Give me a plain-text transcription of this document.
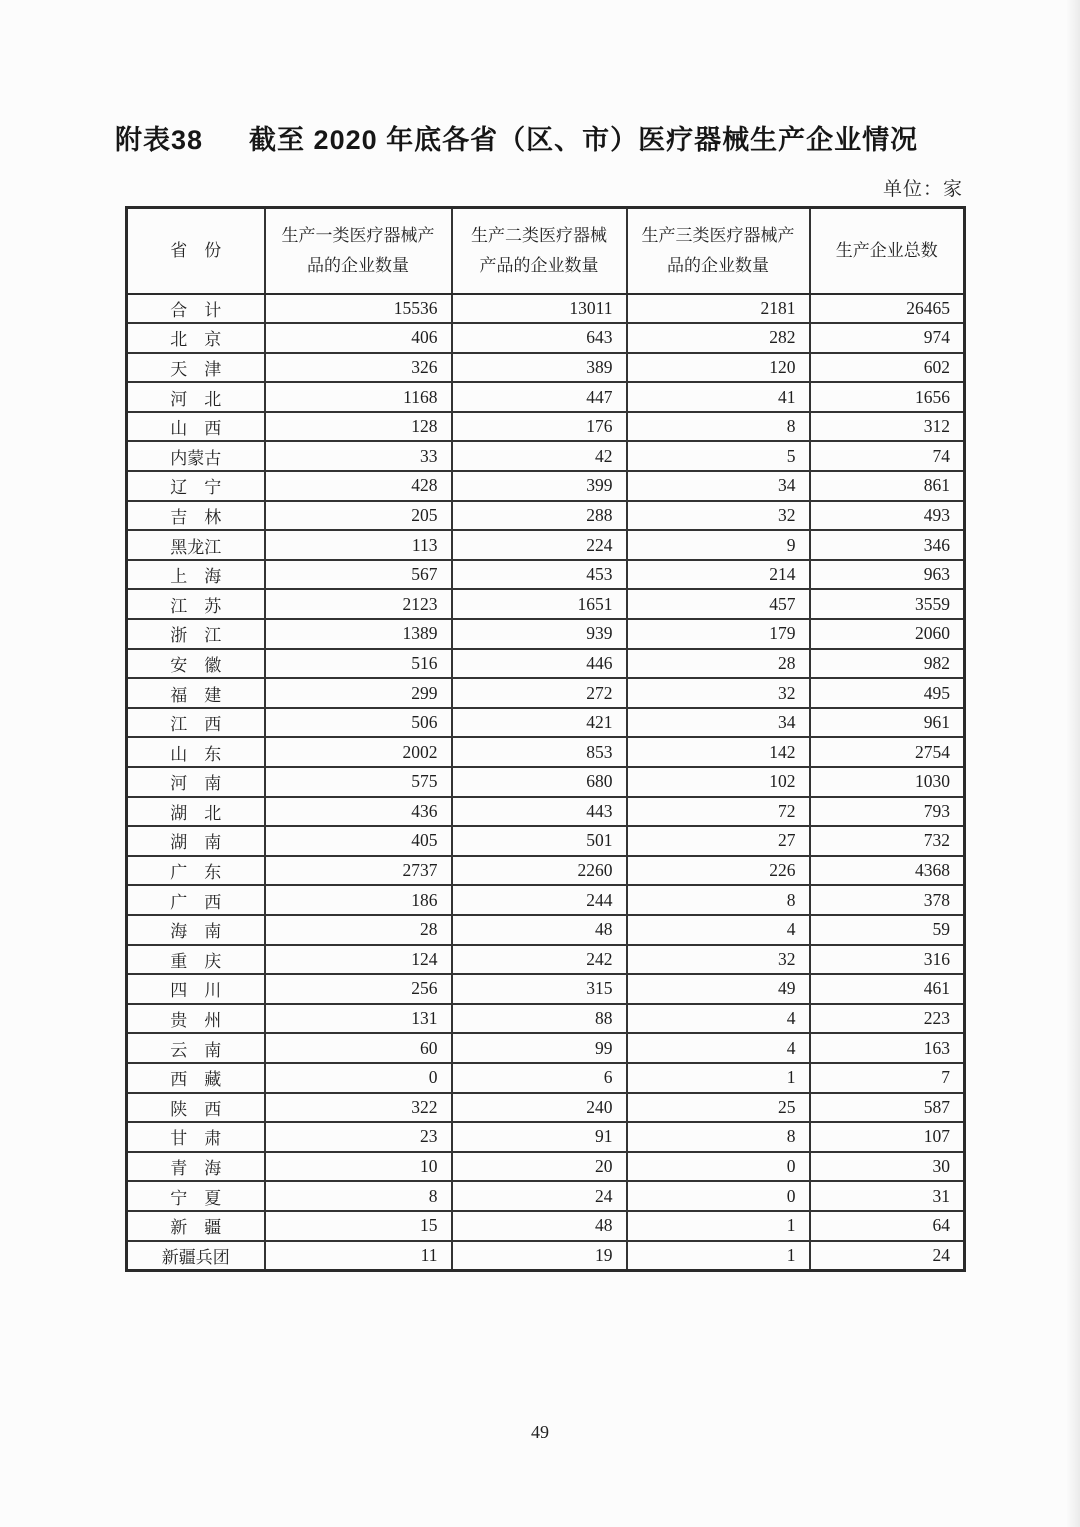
附表38 截至 2020 年底各省（区、市）医疗器械生产企业情况
单位：家
省　份	生产一类医疗器械产品的企业数量	生产二类医疗器械产品的企业数量	生产三类医疗器械产品的企业数量	生产企业总数
合　计	15536	13011	2181	26465
北　京	406	643	282	974
天　津	326	389	120	602
河　北	1168	447	41	1656
山　西	128	176	8	312
内蒙古	33	42	5	74
辽　宁	428	399	34	861
吉　林	205	288	32	493
黑龙江	113	224	9	346
上　海	567	453	214	963
江　苏	2123	1651	457	3559
浙　江	1389	939	179	2060
安　徽	516	446	28	982
福　建	299	272	32	495
江　西	506	421	34	961
山　东	2002	853	142	2754
河　南	575	680	102	1030
湖　北	436	443	72	793
湖　南	405	501	27	732
广　东	2737	2260	226	4368
广　西	186	244	8	378
海　南	28	48	4	59
重　庆	124	242	32	316
四　川	256	315	49	461
贵　州	131	88	4	223
云　南	60	99	4	163
西　藏	0	6	1	7
陕　西	322	240	25	587
甘　肃	23	91	8	107
青　海	10	20	0	30
宁　夏	8	24	0	31
新　疆	15	48	1	64
新疆兵团	11	19	1	24
49
